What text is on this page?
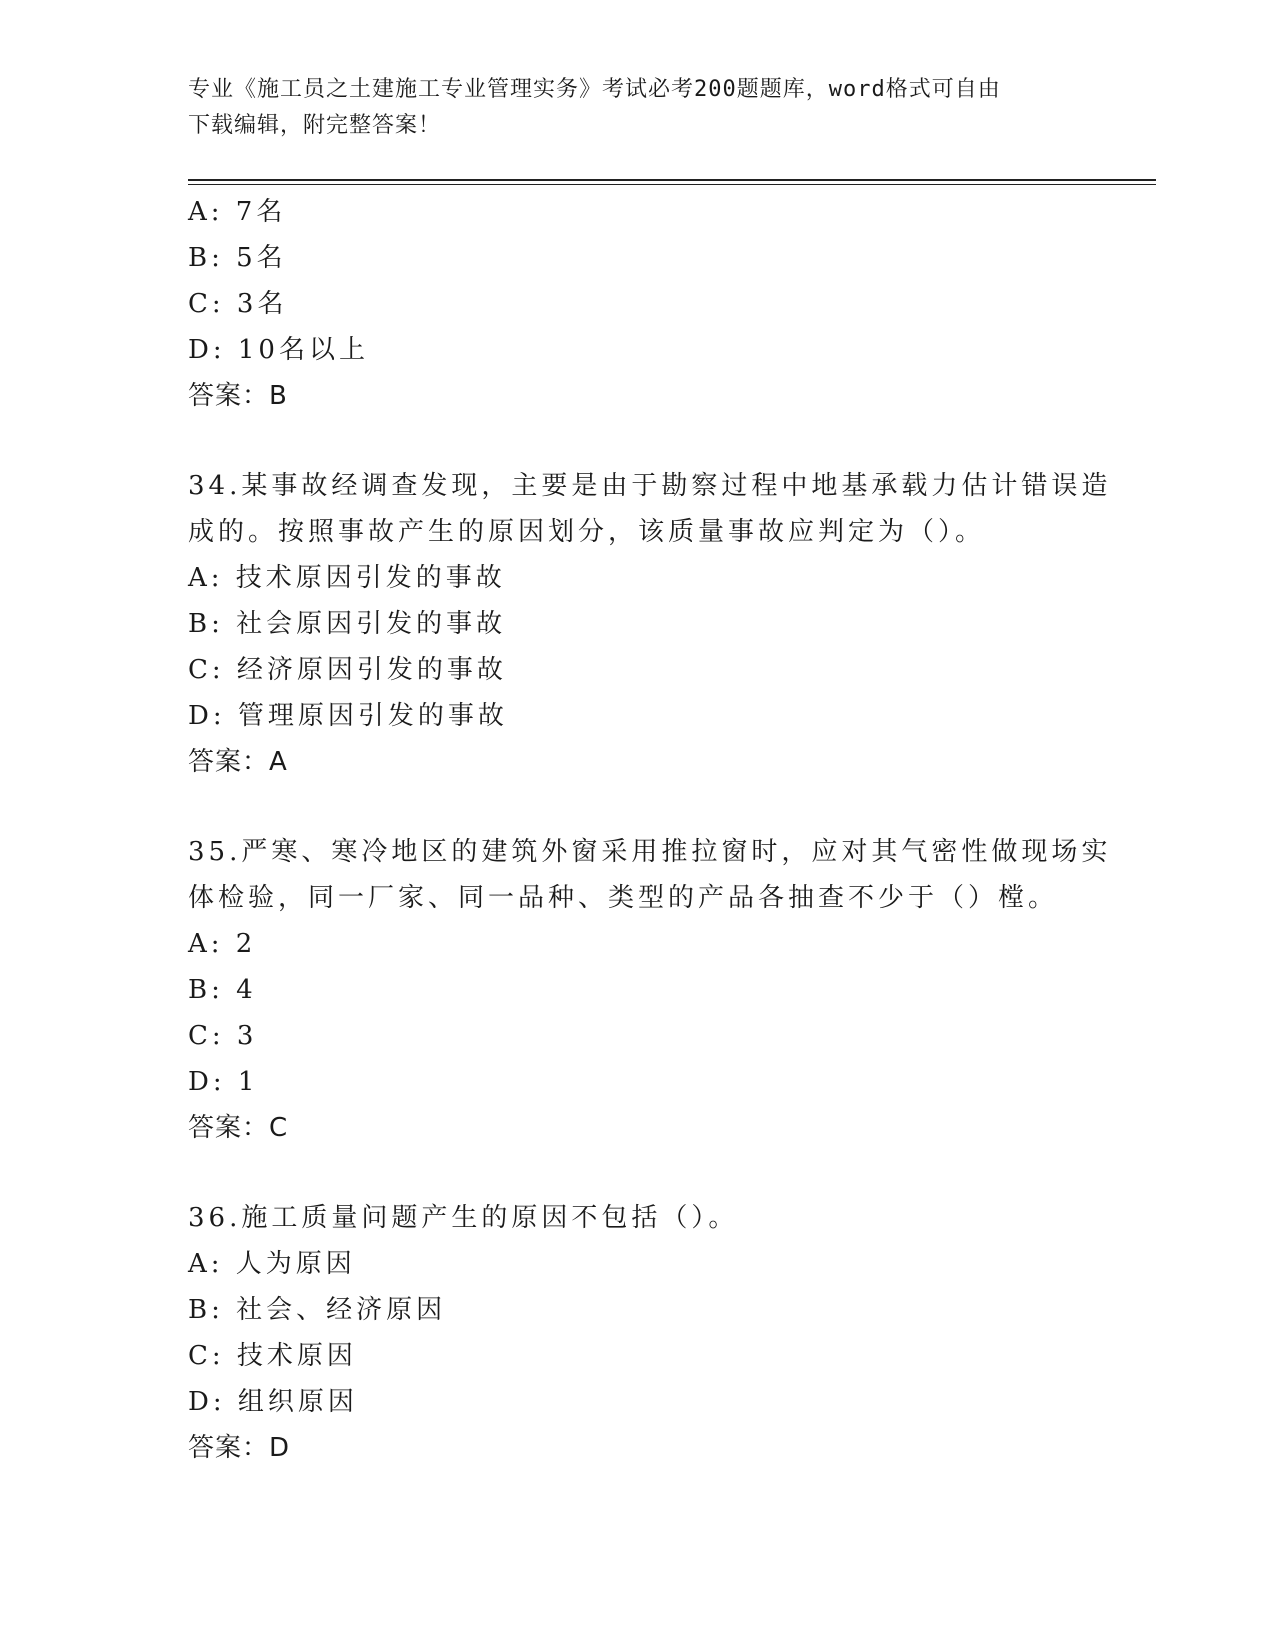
专业《施工员之土建施工专业管理实务》考试必考200题题库，word格式可自由
下载编辑，附完整答案！
A: 7名
B: 5名
C: 3名
D: 10名以上
答案：B
34.某事故经调查发现，主要是由于勘察过程中地基承载力估计错误造
成的。按照事故产生的原因划分，该质量事故应判定为（）。
A: 技术原因引发的事故
B: 社会原因引发的事故
C: 经济原因引发的事故
D: 管理原因引发的事故
答案：A
35.严寒、寒冷地区的建筑外窗采用推拉窗时，应对其气密性做现场实
体检验，同一厂家、同一品种、类型的产品各抽查不少于（）樘。
A: 2
B: 4
C: 3
D: 1
答案：C
36.施工质量问题产生的原因不包括（）。
A: 人为原因
B: 社会、经济原因
C: 技术原因
D: 组织原因
答案：D
